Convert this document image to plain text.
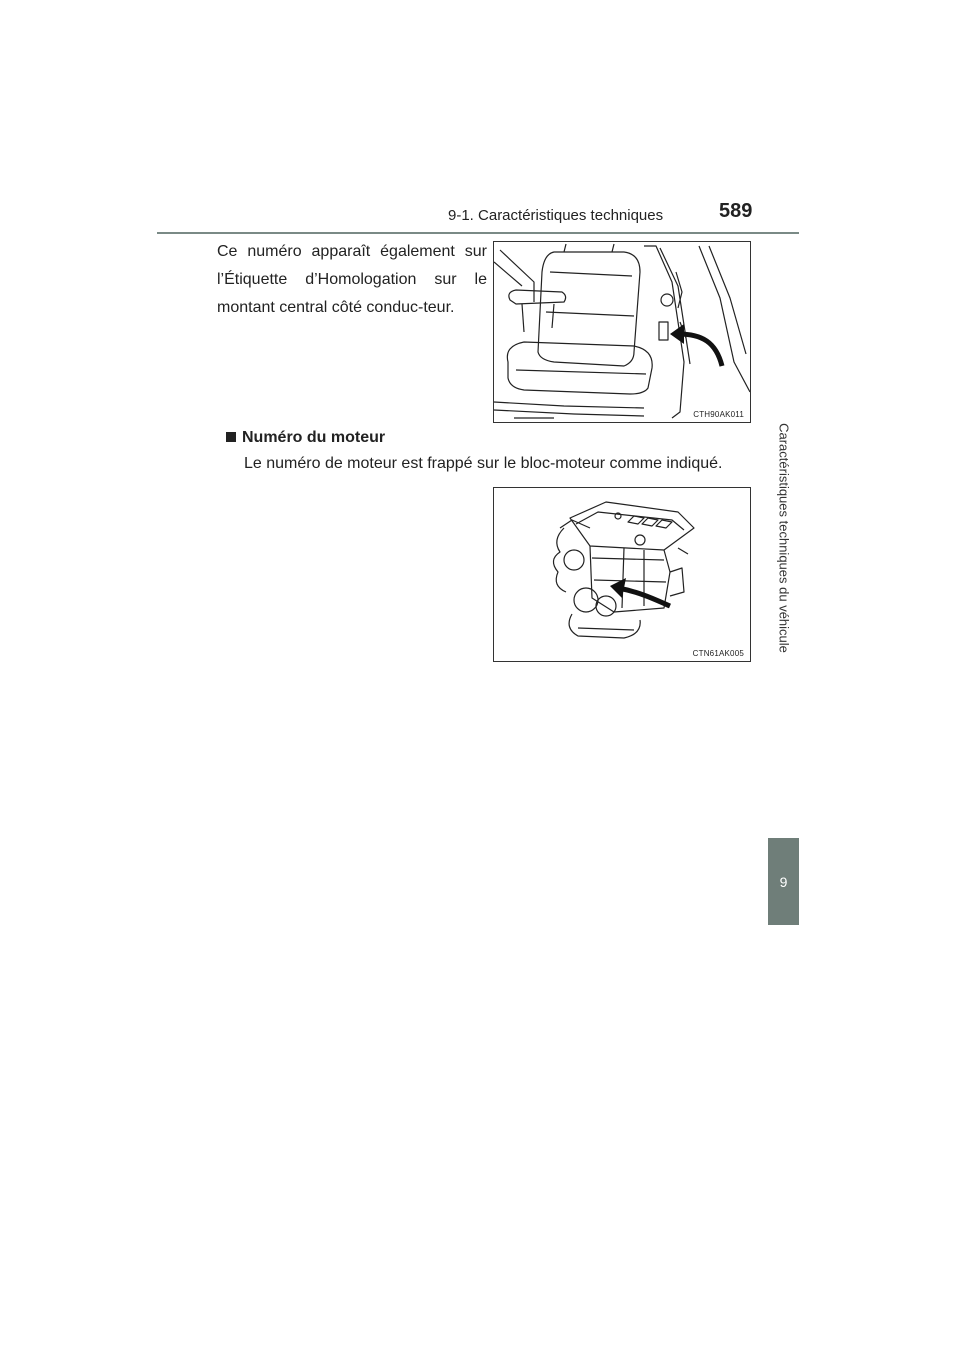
9-1. Caractéristiques techniques	589
Caractéristiques techniques du véhicule
9

Ce numéro apparaît également sur l’Étiquette d’Homologation sur le montant central côté conduc-teur.

CTH90AK011
Numéro du moteur
Le numéro de moteur est frappé sur le bloc-moteur comme indiqué.
CTN61AK005
